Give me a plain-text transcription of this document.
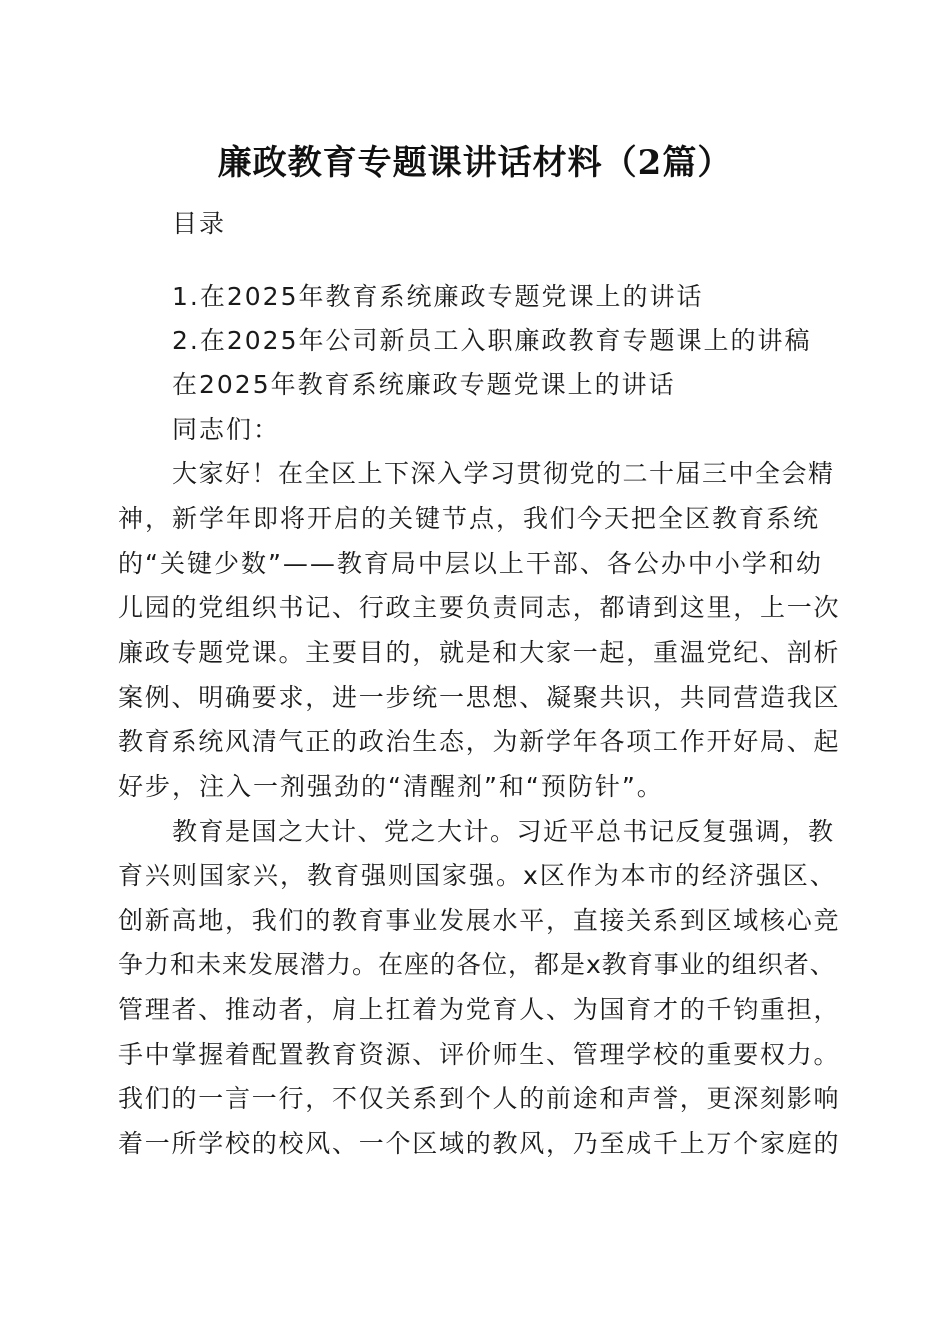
廉政教育专题课讲话材料（2篇）
目录
1.在2025年教育系统廉政专题党课上的讲话
2.在2025年公司新员工入职廉政教育专题课上的讲稿
在2025年教育系统廉政专题党课上的讲话
同志们：
大家好！在全区上下深入学习贯彻党的二十届三中全会精
神，新学年即将开启的关键节点，我们今天把全区教育系统
的“关键少数”——教育局中层以上干部、各公办中小学和幼
儿园的党组织书记、行政主要负责同志，都请到这里，上一次
廉政专题党课。主要目的，就是和大家一起，重温党纪、剖析
案例、明确要求，进一步统一思想、凝聚共识，共同营造我区
教育系统风清气正的政治生态，为新学年各项工作开好局、起
好步，注入一剂强劲的“清醒剂”和“预防针”。
教育是国之大计、党之大计。习近平总书记反复强调，教
育兴则国家兴，教育强则国家强。x区作为本市的经济强区、
创新高地，我们的教育事业发展水平，直接关系到区域核心竞
争力和未来发展潜力。在座的各位，都是x教育事业的组织者、
管理者、推动者，肩上扛着为党育人、为国育才的千钧重担，
手中掌握着配置教育资源、评价师生、管理学校的重要权力。
我们的一言一行，不仅关系到个人的前途和声誉，更深刻影响
着一所学校的校风、一个区域的教风，乃至成千上万个家庭的
